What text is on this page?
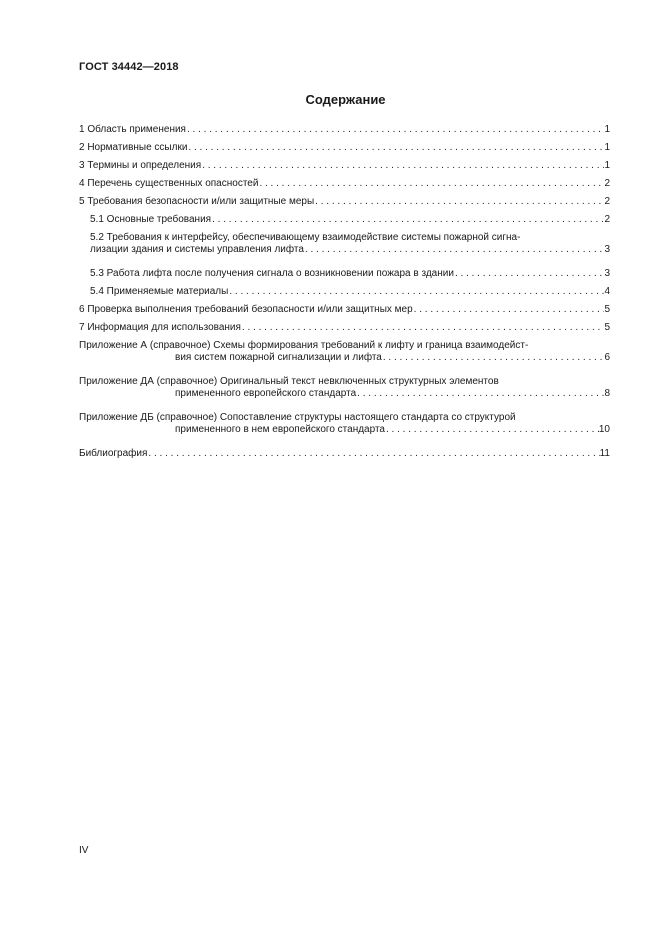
ГОСТ 34442—2018
Содержание
1 Область применения . . .	1
2 Нормативные ссылки . . .	1
3 Термины и определения . . .	1
4 Перечень существенных опасностей . . .	2
5 Требования безопасности и/или защитные меры . . .	2
5.1 Основные требования . . .	2
5.2 Требования к интерфейсу, обеспечивающему взаимодействие системы пожарной сигна-
лизации здания и системы управления лифта . . .	3
5.3 Работа лифта после получения сигнала о возникновении пожара в здании . . .	3
5.4 Применяемые материалы . . .	4
6 Проверка выполнения требований безопасности и/или защитных мер . . .	5
7 Информация для использования . . .	5
Приложение А (справочное) Схемы формирования требований к лифту и граница взаимодейст-
вия систем пожарной сигнализации и лифта . . .	6
Приложение ДА (справочное) Оригинальный текст невключенных структурных элементов
примененного европейского стандарта . . .	8
Приложение ДБ (справочное) Сопоставление структуры настоящего стандарта со структурой
примененного в нем европейского стандарта . . .	10
Библиография . . .	11
IV
